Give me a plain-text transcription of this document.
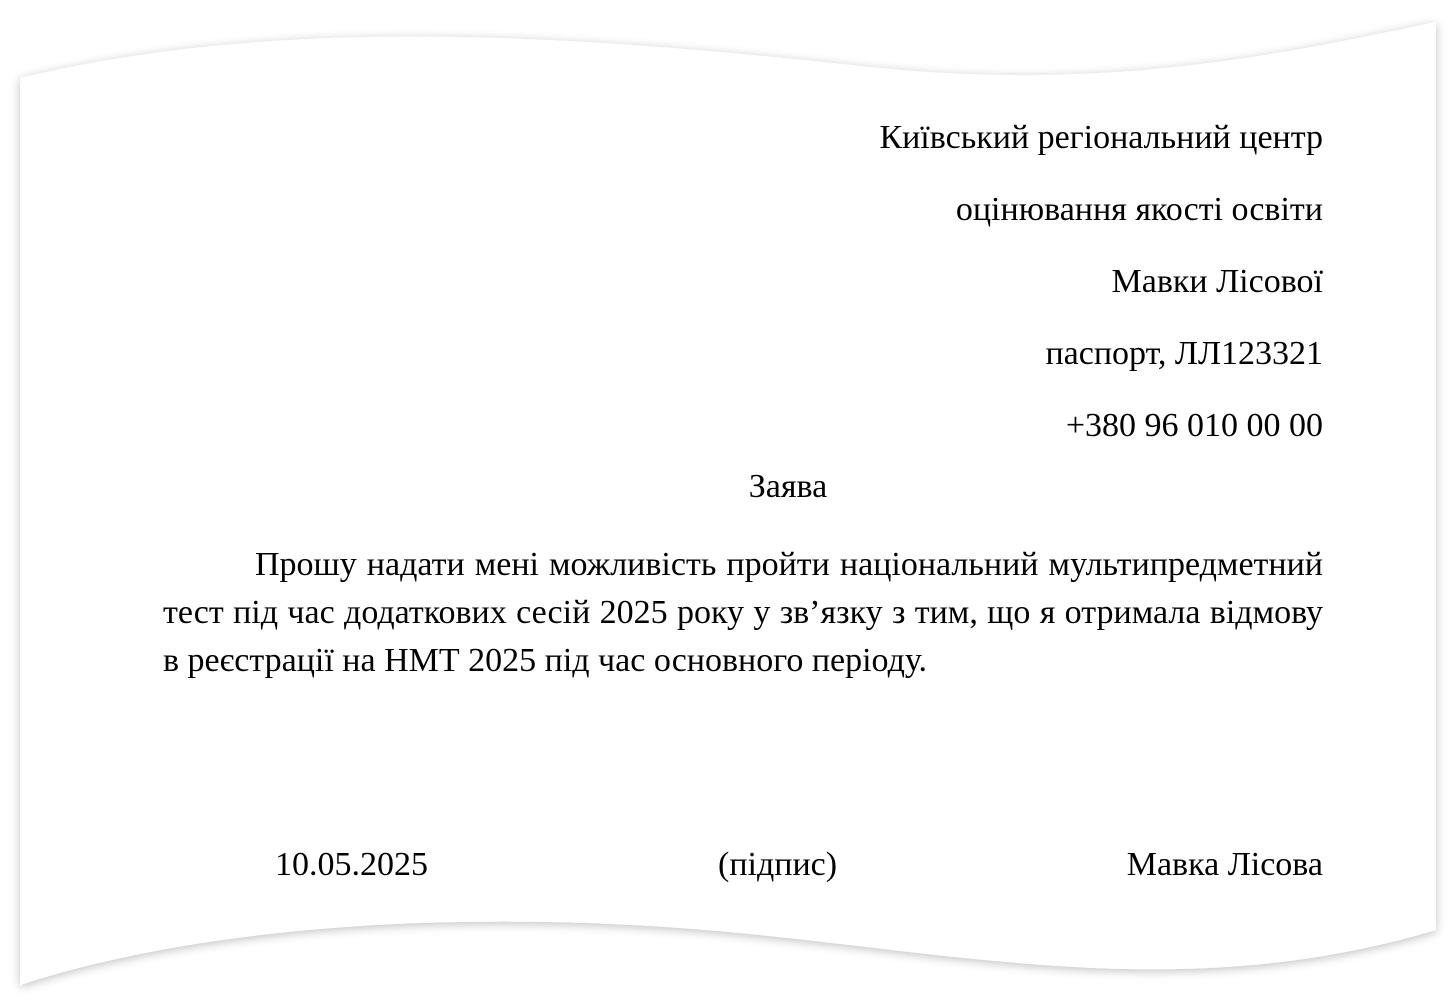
Київський регіональний центр
оцінювання якості освіти
Мавки Лісової
паспорт, ЛЛ123321
+380 96 010 00 00
Заява

Прошу надати мені можливість пройти національний мультипредметний тест під час додаткових сесій 2025 року у зв’язку з тим, що я отримала відмову в реєстрації на НМТ 2025 під час основного періоду.

10.05.2025	(підпис)	Мавка Лісова
